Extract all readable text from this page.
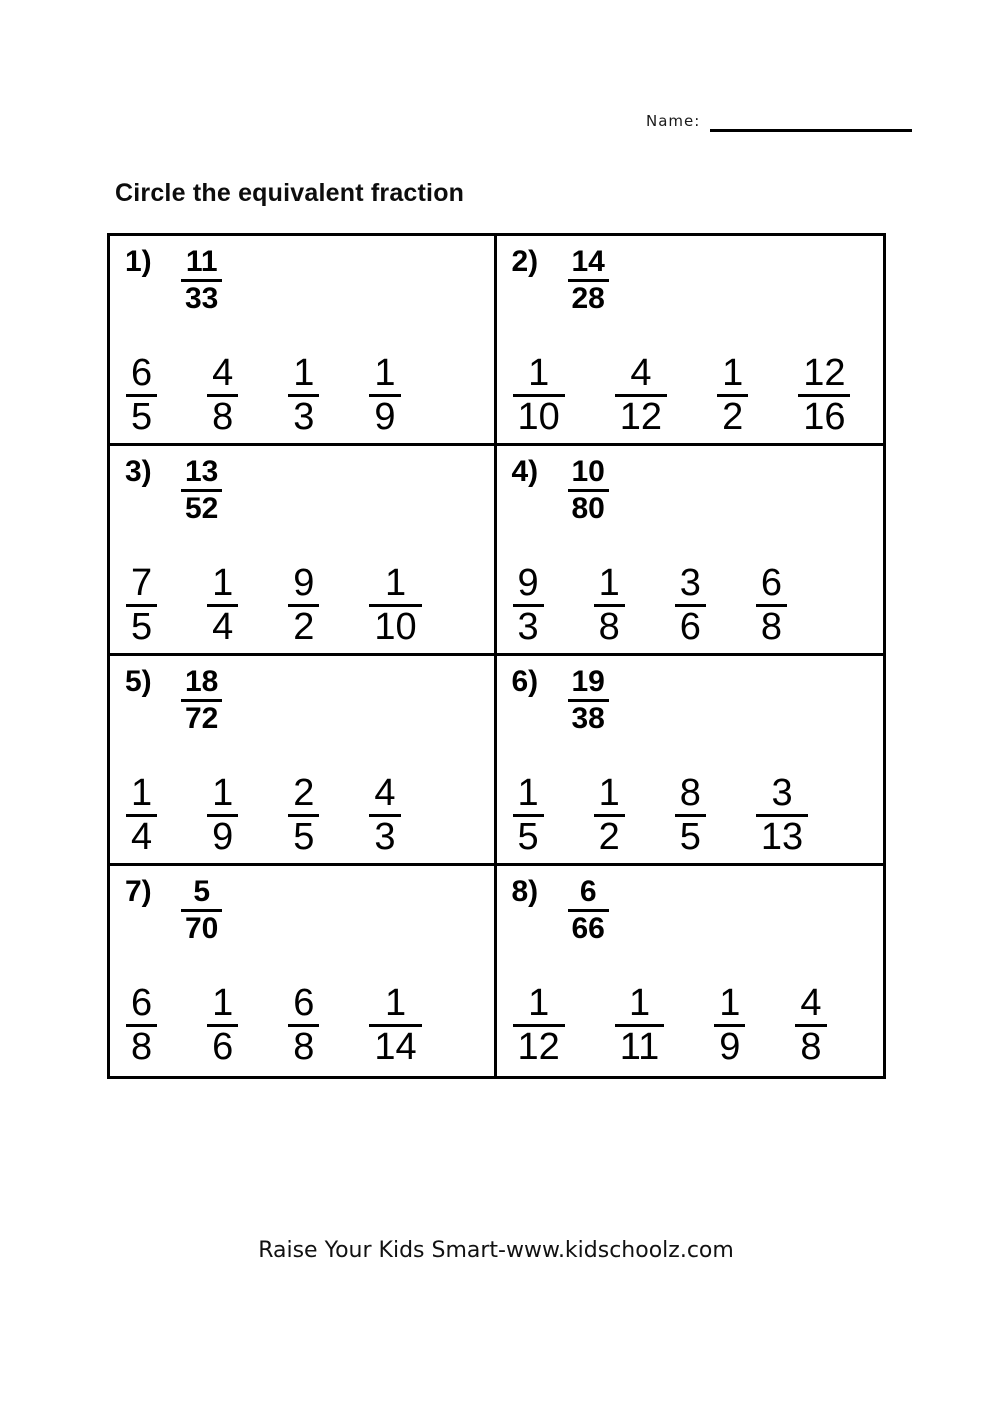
Name:
Circle the equivalent fraction
$1) \frac{11}{33}$
$\frac{6}{5} \frac{4}{8} \frac{1}{3} \frac{1}{9}$
$2) \frac{14}{28}$
$\frac{1}{10} \frac{4}{12} \frac{1}{2} \frac{12}{16}$
$3) \frac{13}{52}$
$\frac{7}{5} \frac{1}{4} \frac{9}{2} \frac{1}{10}$
$4) \frac{10}{80}$
$\frac{9}{3} \frac{1}{8} \frac{3}{6} \frac{6}{8}$
$5) \frac{18}{72}$
$\frac{1}{4} \frac{1}{9} \frac{2}{5} \frac{4}{3}$
$6) \frac{19}{38}$
$\frac{1}{5} \frac{1}{2} \frac{8}{5} \frac{3}{13}$
$7) \frac{5}{70}$
$\frac{6}{8} \frac{1}{6} \frac{6}{8} \frac{1}{14}$
$8) \frac{6}{66}$
$\frac{1}{12} \frac{1}{11} \frac{1}{9} \frac{4}{8}$
Raise Your Kids Smart-www.kidschoolz.com
